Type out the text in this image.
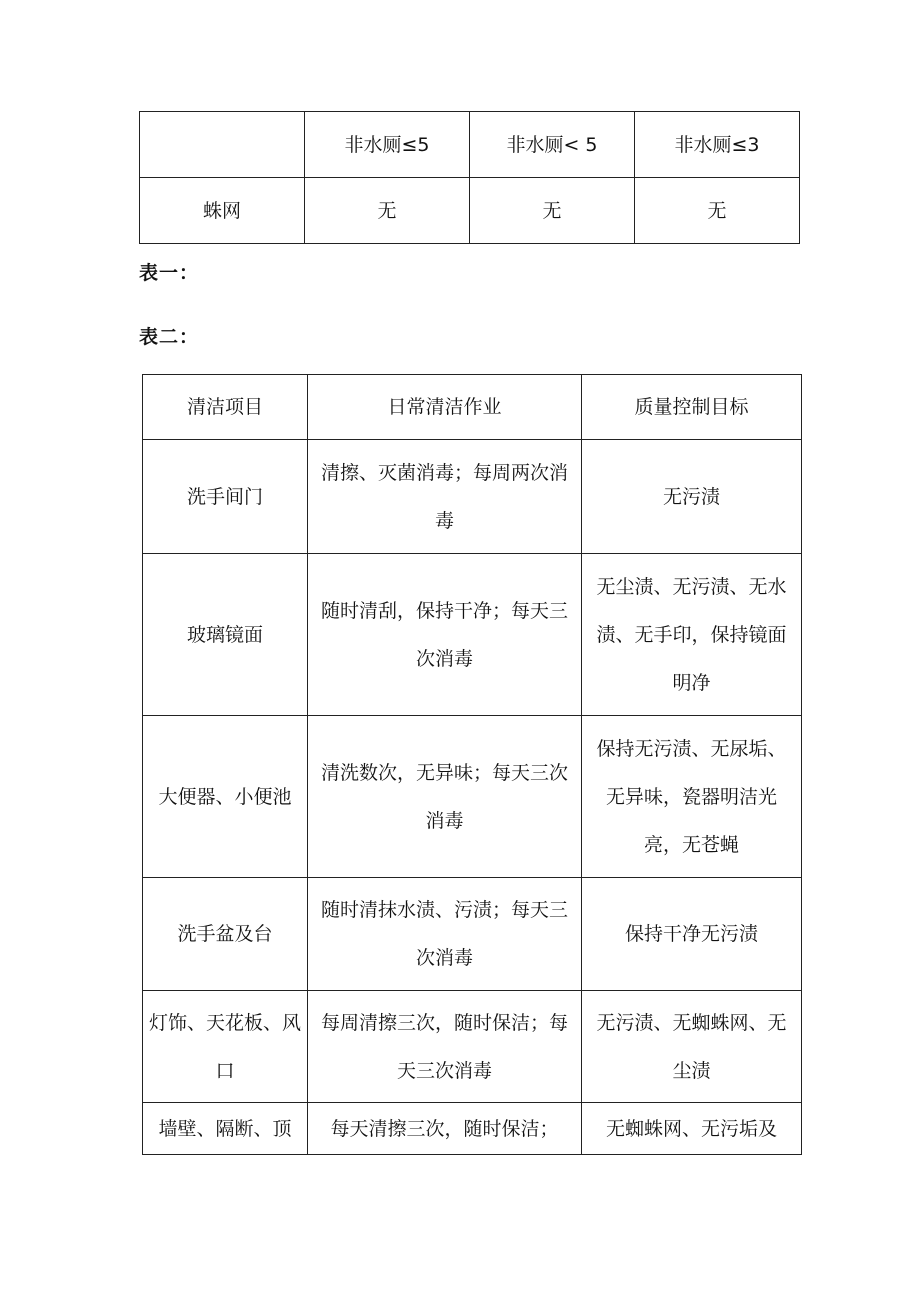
	非水厕≤5	非水厕< 5	非水厕≤3
蛛网	无	无	无
表一：
表二：
清洁项目	日常清洁作业	质量控制目标
洗手间门	清擦、灭菌消毒；每周两次消毒	无污渍
玻璃镜面	随时清刮，保持干净；每天三次消毒	无尘渍、无污渍、无水渍、无手印，保持镜面明净
大便器、小便池	清洗数次，无异味；每天三次消毒	保持无污渍、无尿垢、无异味，瓷器明洁光亮，无苍蝇
洗手盆及台	随时清抹水渍、污渍；每天三次消毒	保持干净无污渍
灯饰、天花板、风口	每周清擦三次，随时保洁；每天三次消毒	无污渍、无蜘蛛网、无尘渍
墙壁、隔断、顶	每天清擦三次，随时保洁；	无蜘蛛网、无污垢及
